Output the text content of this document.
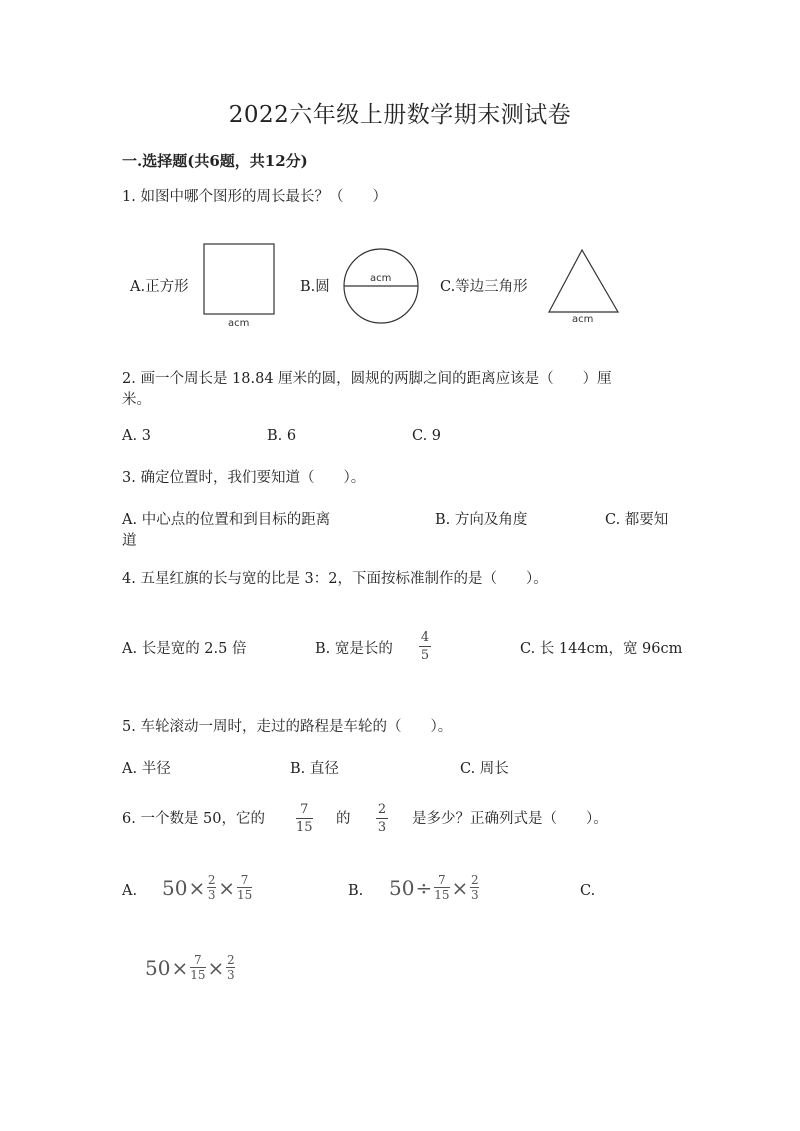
2022六年级上册数学期末测试卷
一.选择题(共6题，共12分)
1. 如图中哪个图形的周长最长？（　　）
A.正方形
acm
B.圆
acm
C.等边三角形
acm
2. 画一个周长是 18.84 厘米的圆，圆规的两脚之间的距离应该是（　　）厘
米。
A. 3	B. 6	C. 9
3. 确定位置时，我们要知道（　　）。
A. 中心点的位置和到目标的距离	B. 方向及角度	C. 都要知
道
4. 五星红旗的长与宽的比是 3：2，下面按标准制作的是（　　）。
A. 长是宽的 2.5 倍	B. 宽是长的
4
5	C. 长 144cm，宽 96cm
5. 车轮滚动一周时，走过的路程是车轮的（　　）。
A. 半径	B. 直径	C. 周长
6. 一个数是 50，它的
7
15
的
2
3
是多少？正确列式是（　　）。
A. 50 × 2
3 × 7
15	B. 50 ÷ 7
15 × 2
3	C.
50 × 7
15 × 2
3
